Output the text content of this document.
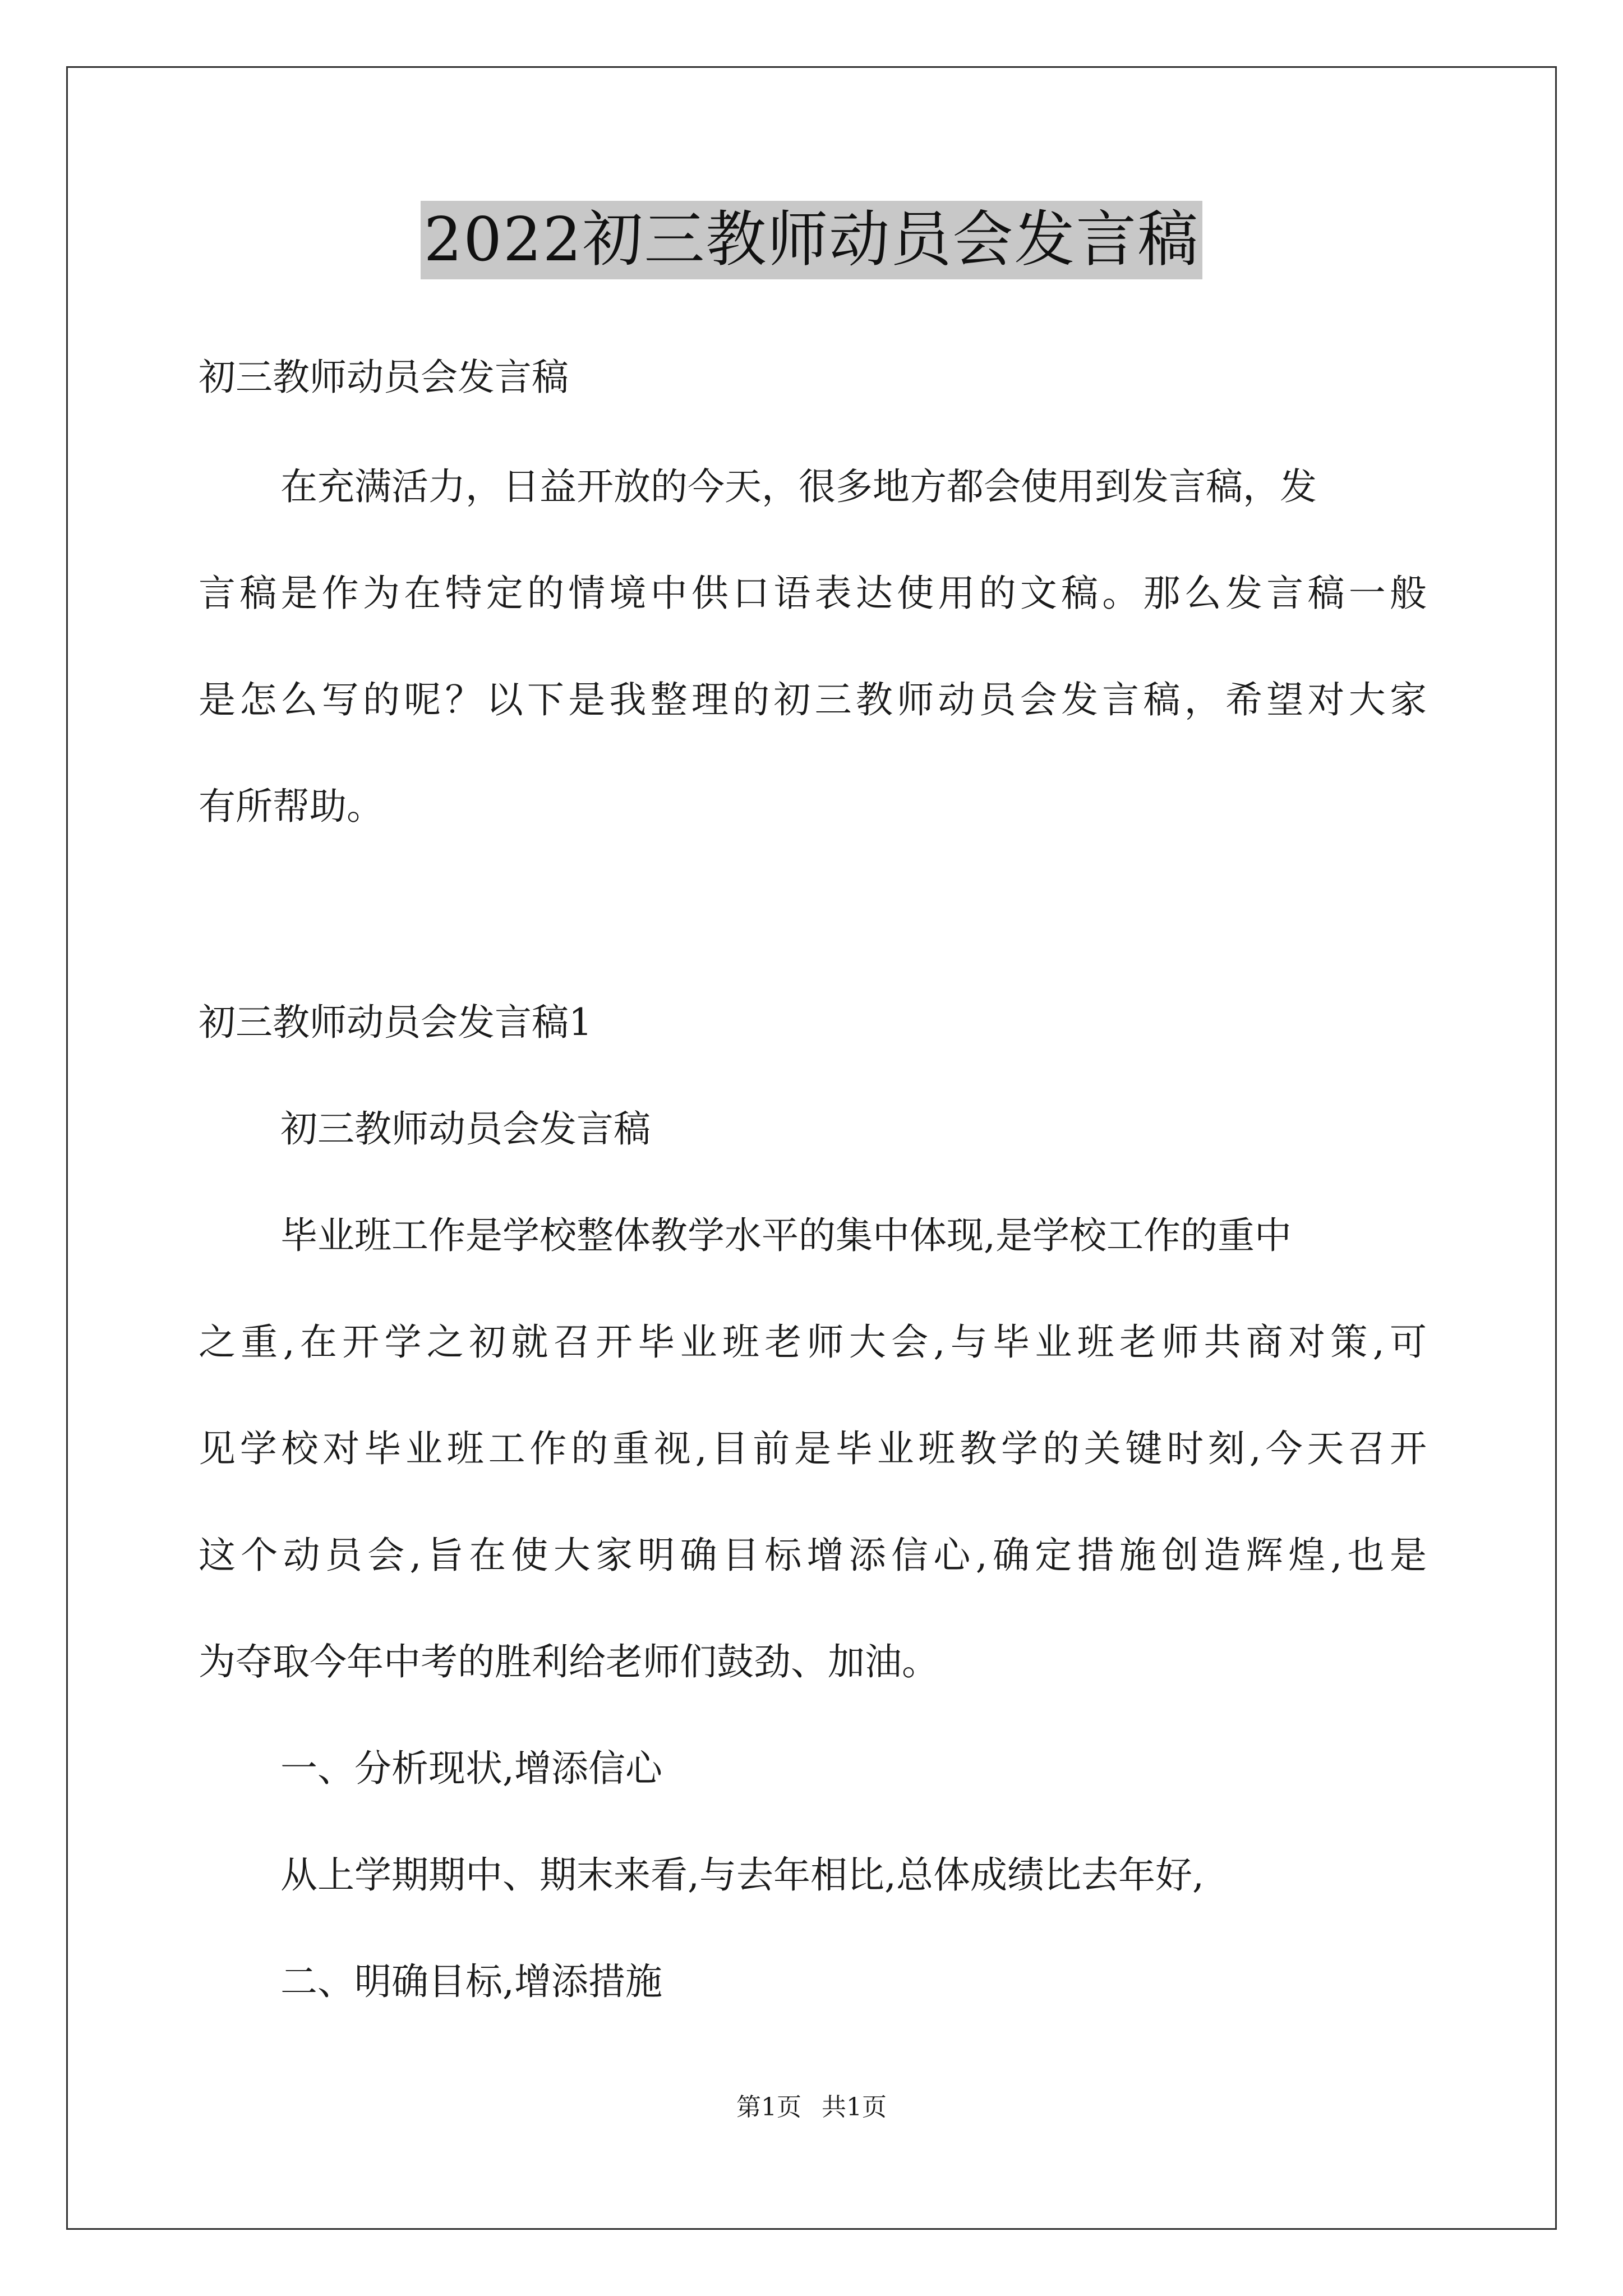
2022初三教师动员会发言稿
初三教师动员会发言稿
在充满活力，日益开放的今天，很多地方都会使用到发言稿，发
言稿是作为在特定的情境中供口语表达使用的文稿。那么发言稿一般
是怎么写的呢？以下是我整理的初三教师动员会发言稿，希望对大家
有所帮助。
初三教师动员会发言稿1
初三教师动员会发言稿
毕业班工作是学校整体教学水平的集中体现,是学校工作的重中
之重,在开学之初就召开毕业班老师大会,与毕业班老师共商对策,可
见学校对毕业班工作的重视,目前是毕业班教学的关键时刻,今天召开
这个动员会,旨在使大家明确目标增添信心,确定措施创造辉煌,也是
为夺取今年中考的胜利给老师们鼓劲、加油。
一、分析现状,增添信心
从上学期期中、期末来看,与去年相比,总体成绩比去年好,
二、明确目标,增添措施
第1页 共1页
